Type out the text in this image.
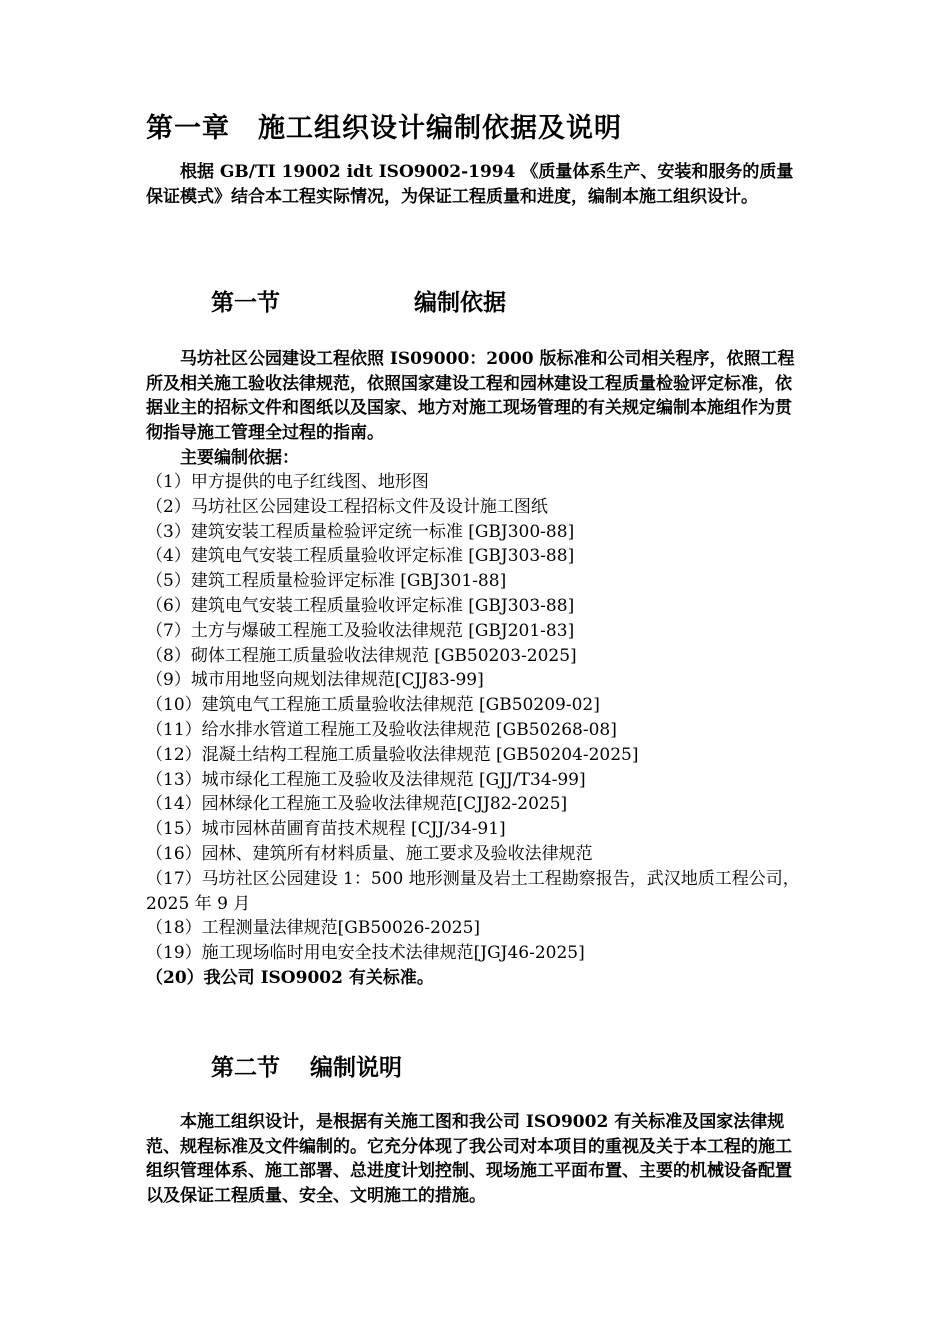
第一章 施工组织设计编制依据及说明

根据 GB/TI 19002 idt ISO9002-1994 《质量体系生产、安装和服务的质量保证模式》结合本工程实际情况，为保证工程质量和进度，编制本施工组织设计。

第一节	编制依据

马坊社区公园建设工程依照 IS09000：2000 版标准和公司相关程序，依照工程所及相关施工验收法律规范，依照国家建设工程和园林建设工程质量检验评定标准，依据业主的招标文件和图纸以及国家、地方对施工现场管理的有关规定编制本施组作为贯彻指导施工管理全过程的指南。

主要编制依据：
（1）甲方提供的电子红线图、地形图
（2）马坊社区公园建设工程招标文件及设计施工图纸
（3）建筑安装工程质量检验评定统一标准 [GBJ300-88]
（4）建筑电气安装工程质量验收评定标准 [GBJ303-88]
（5）建筑工程质量检验评定标准 [GBJ301-88]
（6）建筑电气安装工程质量验收评定标准 [GBJ303-88]
（7）土方与爆破工程施工及验收法律规范 [GBJ201-83]
（8）砌体工程施工质量验收法律规范 [GB50203-2025]
（9）城市用地竖向规划法律规范[CJJ83-99]
（10）建筑电气工程施工质量验收法律规范 [GB50209-02]
（11）给水排水管道工程施工及验收法律规范 [GB50268-08]
（12）混凝土结构工程施工质量验收法律规范 [GB50204-2025]
（13）城市绿化工程施工及验收及法律规范 [GJJ/T34-99]
（14）园林绿化工程施工及验收法律规范[CJJ82-2025]
（15）城市园林苗圃育苗技术规程 [CJJ/34-91]
（16）园林、建筑所有材料质量、施工要求及验收法律规范
（17）马坊社区公园建设 1：500 地形测量及岩土工程勘察报告，武汉地质工程公司，2025 年 9 月
（18）工程测量法律规范[GB50026-2025]
（19）施工现场临时用电安全技术法律规范[JGJ46-2025]
（20）我公司 ISO9002 有关标准。
第二节 编制说明

本施工组织设计，是根据有关施工图和我公司 ISO9002 有关标准及国家法律规范、规程标准及文件编制的。它充分体现了我公司对本项目的重视及关于本工程的施工组织管理体系、施工部署、总进度计划控制、现场施工平面布置、主要的机械设备配置以及保证工程质量、安全、文明施工的措施。
